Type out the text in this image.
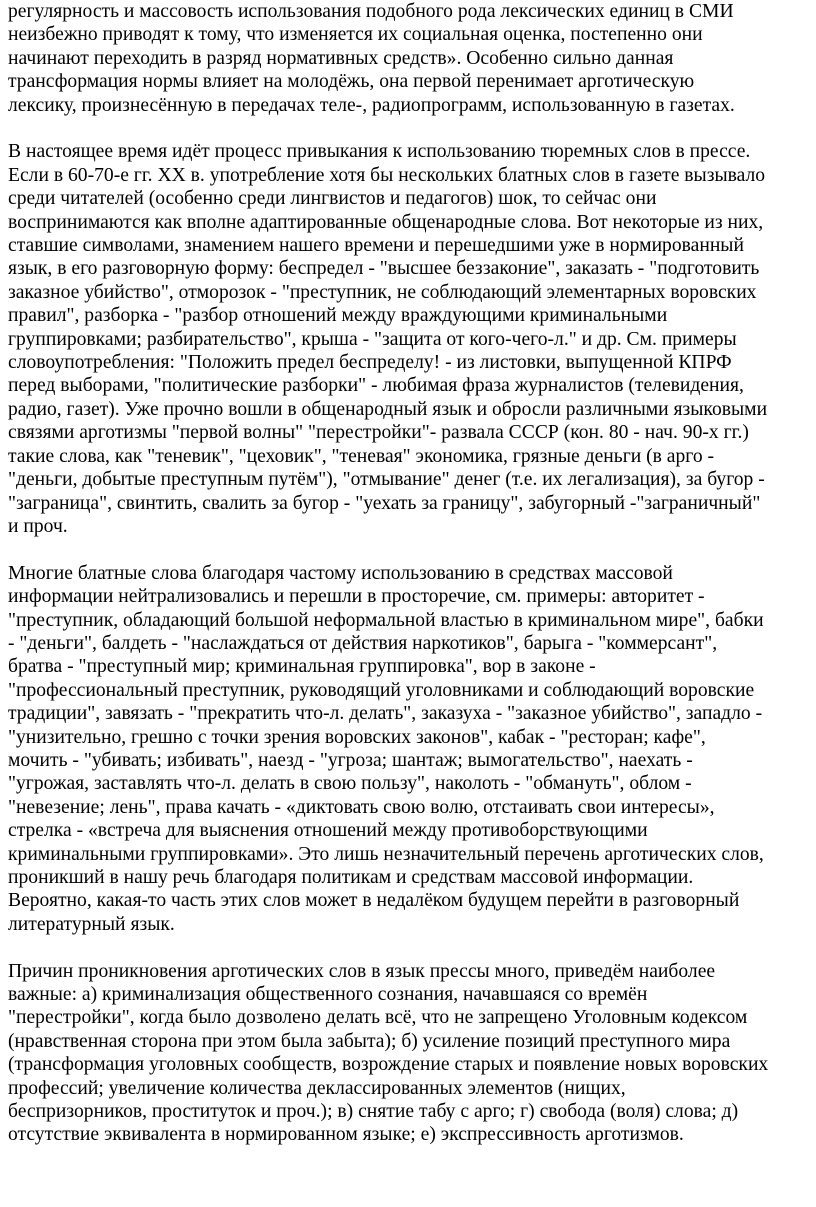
регулярность и массовость использования подобного рода лексических единиц в СМИ
неизбежно приводят к тому, что изменяется их социальная оценка, постепенно они
начинают переходить в разряд нормативных средств». Особенно сильно данная
трансформация нормы влияет на молодёжь, она первой перенимает арготическую
лексику, произнесённую в передачах теле-, радиопрограмм, использованную в газетах.
В настоящее время идёт процесс привыкания к использованию тюремных слов в прессе.
Если в 60-70-е гг. XX в. употребление хотя бы нескольких блатных слов в газете вызывало
среди читателей (особенно среди лингвистов и педагогов) шок, то сейчас они
воспринимаются как вполне адаптированные общенародные слова. Вот некоторые из них,
ставшие символами, знамением нашего времени и перешедшими уже в нормированный
язык, в его разговорную форму: беспредел - "высшее беззаконие", заказать - "подготовить
заказное убийство", отморозок - "преступник, не соблюдающий элементарных воровских
правил", разборка - "разбор отношений между враждующими криминальными
группировками; разбирательство", крыша - "защита от кого-чего-л." и др. См. примеры
словоупотребления: "Положить предел беспределу! - из листовки, выпущенной КПРФ
перед выборами, "политические разборки" - любимая фраза журналистов (телевидения,
радио, газет). Уже прочно вошли в общенародный язык и обросли различными языковыми
связями арготизмы "первой волны" "перестройки"- развала СССР (кон. 80 - нач. 90-х гг.)
такие слова, как "теневик", "цеховик", "теневая" экономика, грязные деньги (в арго -
"деньги, добытые преступным путём"), "отмывание" денег (т.е. их легализация), за бугор -
"заграница", свинтить, свалить за бугор - "уехать за границу", забугорный -"заграничный"
и проч.
Многие блатные слова благодаря частому использованию в средствах массовой
информации нейтрализовались и перешли в просторечие, см. примеры: авторитет -
"преступник, обладающий большой неформальной властью в криминальном мире", бабки
- "деньги", балдеть - "наслаждаться от действия наркотиков", барыга - "коммерсант",
братва - "преступный мир; криминальная группировка", вор в законе -
"профессиональный преступник, руководящий уголовниками и соблюдающий воровские
традиции", завязать - "прекратить что-л. делать", заказуха - "заказное убийство", западло -
"унизительно, грешно с точки зрения воровских законов", кабак - "ресторан; кафе",
мочить - "убивать; избивать", наезд - "угроза; шантаж; вымогательство", наехать -
"угрожая, заставлять что-л. делать в свою пользу", наколоть - "обмануть", облом -
"невезение; лень", права качать - «диктовать свою волю, отстаивать свои интересы»,
стрелка - «встреча для выяснения отношений между противоборствующими
криминальными группировками». Это лишь незначительный перечень арготических слов,
проникший в нашу речь благодаря политикам и средствам массовой информации.
Вероятно, какая-то часть этих слов может в недалёком будущем перейти в разговорный
литературный язык.
Причин проникновения арготических слов в язык прессы много, приведём наиболее
важные: а) криминализация общественного сознания, начавшаяся со времён
"перестройки", когда было дозволено делать всё, что не запрещено Уголовным кодексом
(нравственная сторона при этом была забыта); б) усиление позиций преступного мира
(трансформация уголовных сообществ, возрождение старых и появление новых воровских
профессий; увеличение количества деклассированных элементов (нищих,
беспризорников, проституток и проч.); в) снятие табу с арго; г) свобода (воля) слова; д)
отсутствие эквивалента в нормированном языке; е) экспрессивность арготизмов.
